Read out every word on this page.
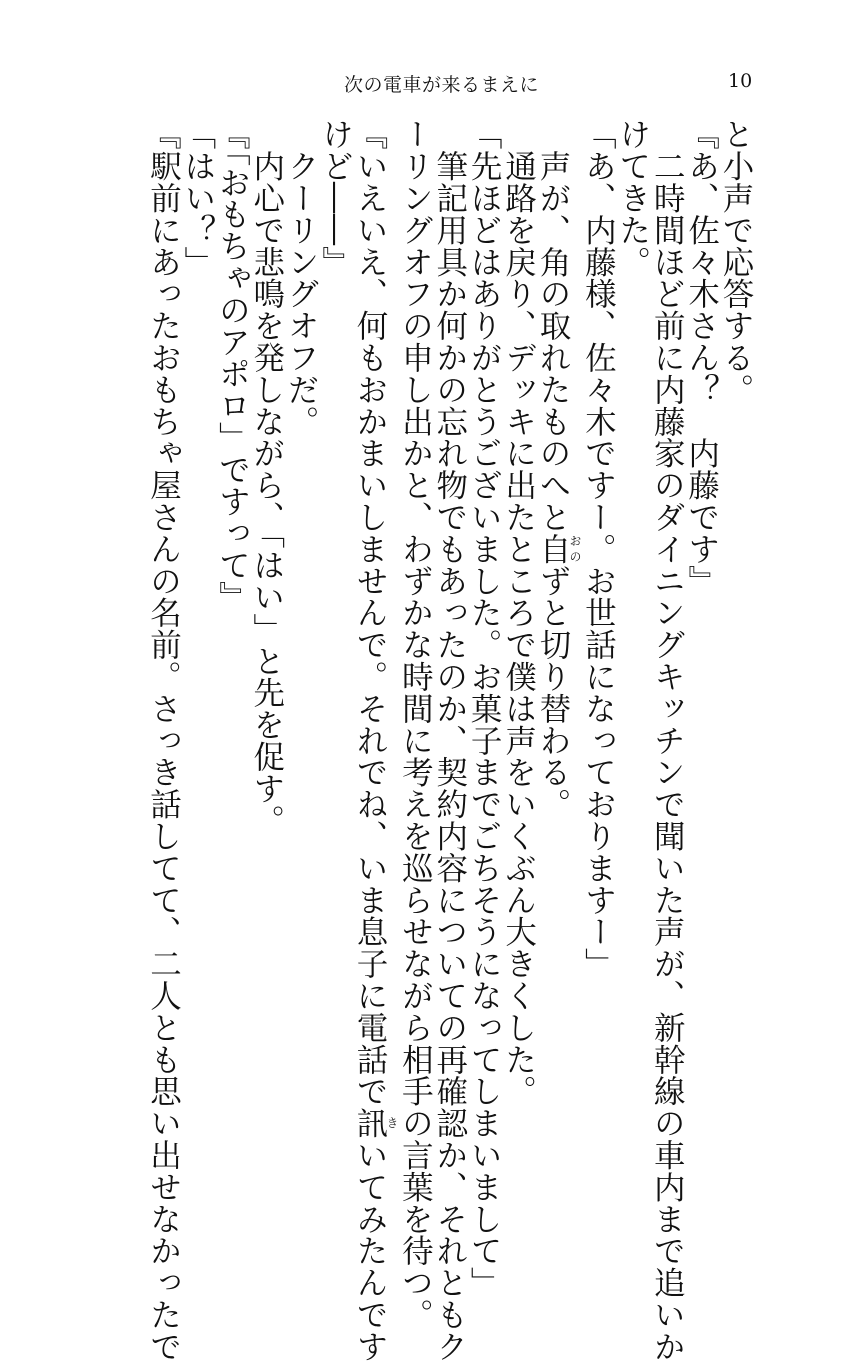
次の電車が来るまえに	10

と小声で応答する。

『あ、佐々木さん？　内藤です』

　二時間ほど前に内藤家のダイニングキッチンで聞いた声が、新幹線の車内まで追いか

けてきた。

「あ、内藤様、佐々木ですー。お世話になっておりますー」

　声が、角の取れたものへと自おのずと切り替わる。

　通路を戻り、デッキに出たところで僕は声をいくぶん大きくした。

「先ほどはありがとうございました。お菓子までごちそうになってしまいまして」

　筆記用具か何かの忘れ物でもあったのか、契約内容についての再確認か、それともク

ーリングオフの申し出かと、わずかな時間に考えを巡らせながら相手の言葉を待つ。

『いえいえ、何もおかまいしませんで。それでね、いま息子に電話で訊きいてみたんです

けど――』

　クーリングオフだ。

　内心で悲鳴を発しながら、「はい」と先を促す。

『「おもちゃのアポロ」ですって』

「はい？」

『駅前にあったおもちゃ屋さんの名前。さっき話してて、二人とも思い出せなかったで
